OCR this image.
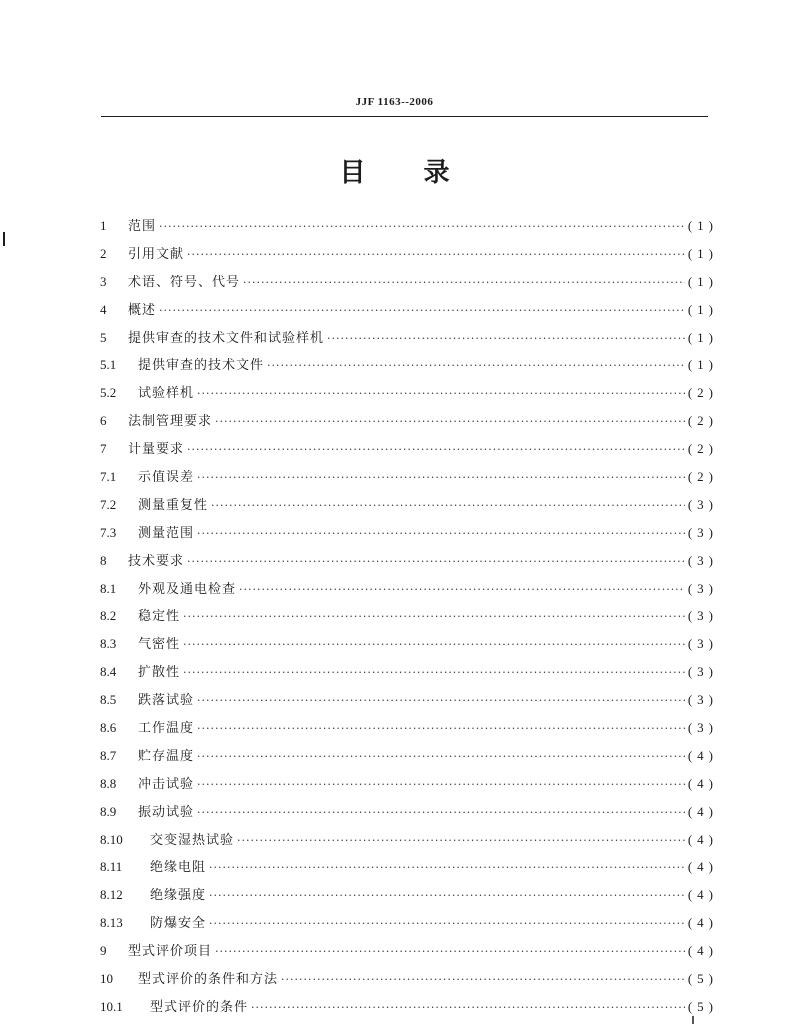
JJF 1163--2006
目录
1	范围 ·····	(1)
2	引用文献 ·····	(1)
3	术语、符号、代号 ·····	(1)
4	概述 ·····	(1)
5	提供审查的技术文件和试验样机 ·····	(1)
5.1	提供审查的技术文件 ·····	(1)
5.2	试验样机 ·····	(2)
6	法制管理要求 ·····	(2)
7	计量要求 ·····	(2)
7.1	示值误差 ·····	(2)
7.2	测量重复性 ·····	(3)
7.3	测量范围 ·····	(3)
8	技术要求 ·····	(3)
8.1	外观及通电检查 ·····	(3)
8.2	稳定性 ·····	(3)
8.3	气密性 ·····	(3)
8.4	扩散性 ·····	(3)
8.5	跌落试验 ·····	(3)
8.6	工作温度 ·····	(3)
8.7	贮存温度 ·····	(4)
8.8	冲击试验 ·····	(4)
8.9	振动试验 ·····	(4)
8.10	交变湿热试验 ·····	(4)
8.11	绝缘电阻 ·····	(4)
8.12	绝缘强度 ·····	(4)
8.13	防爆安全 ·····	(4)
9	型式评价项目 ·····	(4)
10	型式评价的条件和方法 ·····	(5)
10.1	型式评价的条件 ·····	(5)
